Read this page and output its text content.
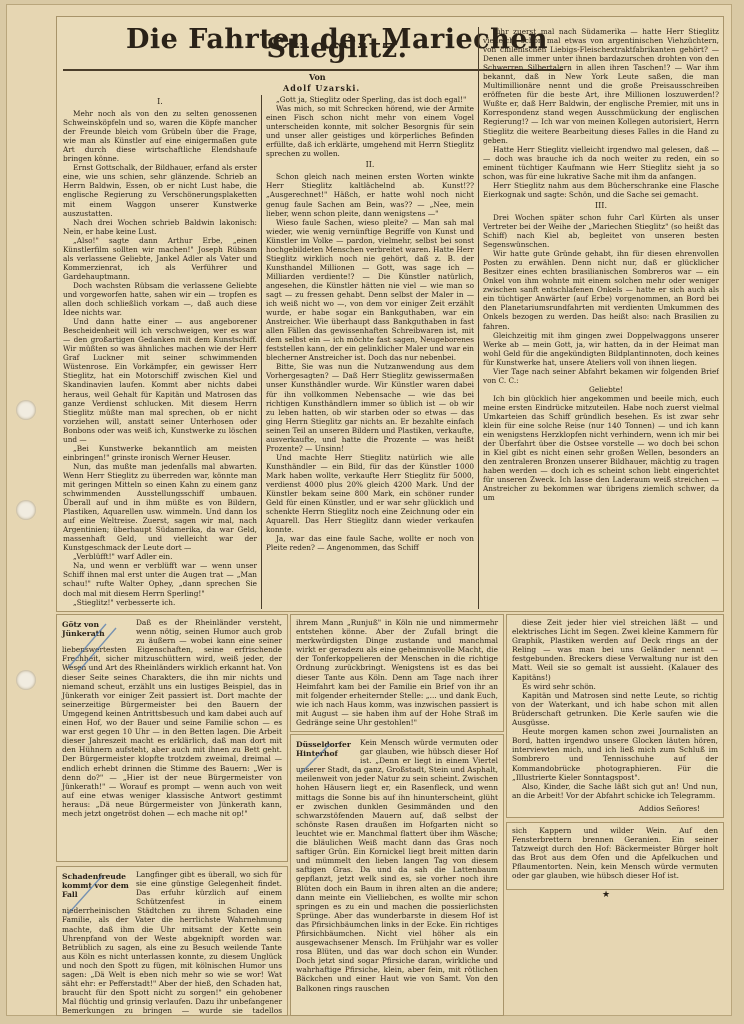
Die Fahrten der Mariechen Stieglitz.
Von
Adolf Uzarski.
I.

Mehr noch als von den zu selten genossenen Schweinsköpfeln und so, waren die Köpfe mancher der Freunde bleich vom Grübeln über die Frage, wie man als Künstler auf eine einigermaßen gute Art durch diese wirtschaftliche Elendshaufe bringen könne.

Ernst Gottschalk, der Bildhauer, erfand als erster eine, wie uns schien, sehr glänzende. Schrieb an Herrn Baldwin, Essen, ob er nicht Lust habe, die englische Regierung zu Verschönerungsplaketten mit einem Waggon unserer Kunstwerke auszustatten.

Nach drei Wochen schrieb Baldwin lakonisch: Nein, er habe keine Lust.

„Also!" sagte dann Arthur Erbe, „einen Künstlerfilm sollten wir machen!" Joseph Rübsam als verlassene Geliebte, Jankel Adler als Vater und Kommerzienrat, ich als Verführer und Gardehauptmann.

Doch wachsten Rübsam die verlassene Geliebte und vorgeworfen hatte, sahen wir ein — tropfen es allen doch schließlich vorkam —, daß auch diese Idee nichts war.

Und dann hatte einer — aus angeborener Bescheidenheit will ich verschweigen, wer es war — den großartigen Gedanken mit dem Kunstschiff. Wir müßten so was ähnliches machen wie der Herr Graf Luckner mit seiner schwimmenden Wüstenrose. Ein Vorkämpfer, ein gewisser Herr Stieglitz, hat ein Motorschiff zwischen Kiel und Skandinavien laufen. Kommt aber nichts dabei heraus, weil Gehalt für Kapitän und Matrosen das ganze Verdienst schlucken. Mit diesem Herrn Stieglitz müßte man mal sprechen, ob er nicht vorziehen will, anstatt seiner Unterhosen oder Bonbons oder was weiß ich, Kunstwerke zu löschen und —

„Bei Kunstwerke bekanntlich am meisten einbringen!" grinste ironisch Werner Heuser.

Nun, das mußte man jedenfalls mal abwarten. Wenn Herr Stieglitz zu überreden war, könnte man mit geringen Mitteln so einen Kahn zu einem ganz schwimmenden Ausstellungsschiff umbauen. Überall auf und in ihm müßte es von Bildern, Plastiken, Aquarellen usw. wimmeln. Und dann los auf eine Weltreise. Zuerst, sagen wir mal, nach Argentinien; überhaupt Südamerika, da war Geld, massenhaft Geld, und vielleicht war der Kunstgeschmack der Leute dort —

„Verblüfft!" warf Adler ein.

Na, und wenn er verblüfft war — wenn unser Schiff ihnen mal erst unter die Augen trat — „Man schau!" rufte Walter Ophey, „dann sprechen Sie doch mal mit diesem Herrn Sperling!"

„Stieglitz!" verbesserte ich.

„Gott ja, Stieglitz oder Sperling, das ist doch egal!"

Was mich, so mit Schrecken hörend, wie der Armite einen Fisch schon nicht mehr von einem Vogel unterscheiden konnte, mit solcher Besorgnis für sein und unser aller geistiges und körperliches Befinden erfüllte, daß ich erklärte, umgehend mit Herrn Stieglitz sprechen zu wollen.

II.

Schon gleich nach meinen ersten Worten winkte Herr Stieglitz kaltlächelnd ab. Kunst!?? „Ausgerechnet!" Häßch, er hatte wohl noch nicht genug faule Sachen am Bein, was?? — „Nee, mein lieber, wenn schon pleite, dann wenigstens —"

Wieso faule Sachen, wieso pleite? — Man sah mal wieder, wie wenig vernünftige Begriffe von Kunst und Künstler im Volke — pardon, vielmehr, selbst bei sonst hochgebildeten Menschen verbreitet waren. Hatte Herr Stieglitz wirklich noch nie gehört, daß z. B. der Kunsthandel Millionen — Gott, was sage ich — Milliarden verdiente!? — Die Künstler natürlich, angesehen, die Künstler hätten nie viel — wie man so sagt — zu fressen gehabt. Denn selbst der Maler in — ich weiß nicht wo —, von dem vor einiger Zeit erzählt wurde, er habe sogar ein Bankguthaben, war ein Anstreicher. Wie überhaupt dass Bankguthaben in fast allen Fällen das gewissenhaften Schreibwaren ist, mit dem selbst ein — ich möchte fast sagen, Neugeborenes feststellen kann, der ein gelinklicher Maler und war ein blecherner Anstreicher ist. Doch das nur nebenbei.

Bitte, Sie was nun die Nutzanwendung aus dem Vorhergesagten? — Daß Herr Stieglitz gewissermaßen unser Kunsthändler wurde. Wir Künstler waren dabei für ihn vollkommen Nebensache — wie das bei richtigen Kunsthändlern immer so üblich ist — ob wir zu leben hatten, ob wir starben oder so etwas — das ging Herrn Stieglitz gar nichts an. Er bezahlte einfach seinen Teil an unseren Bildern und Plastiken, verkaufte, ausverkaufte, und hatte die Prozente — was heißt Prozente? — Unsinn!

Und machte Herr Stieglitz natürlich wie alle Kunsthändler — ein Bild, für das der Künstler 1000 Mark haben wollte, verkaufte Herr Stieglitz für 5000, verdienst 4000 plus 20% gleich 4200 Mark. Und der Künstler bekam seine 800 Mark, ein schöner runder Geld für einen Künstler, und er war sehr glücklich und schenkte Herrn Stieglitz noch eine Zeichnung oder ein Aquarell. Das Herr Stieglitz dann wieder verkaufen konnte.

Ja, war das eine faule Sache, wollte er noch von Pleite reden? — Angenommen, das Schiff

führ zuerst mal nach Südamerika — hatte Herr Stieglitz vielleicht schon mal etwas von argentinischen Viehzüchtern, von chilenischen Liebigs-Fleischextraktfabrikanten gehört? — Denen alle immer unter ihnen bardazurschen drohten von den Schwerren Silbertalern in allen ihren Taschen!? — War ihm bekannt, daß in New York Leute saßen, die man Multimillionäre nennt und die große Preisausschreiben eröffneten für die beste Art, ihre Millionen loszuwerden!? Wußte er, daß Herr Baldwin, der englische Premier, mit uns in Korrespondenz stand wegen Ausschmückung der englischen Regierung!? — Ich war von meinen Kollegen autorisiert, Herrn Stieglitz die weitere Bearbeitung dieses Falles in die Hand zu geben.

Hatte Herr Stieglitz vielleicht irgendwo mal gelesen, daß — — doch was brauche ich da noch weiter zu reden, ein so eminent tüchtiger Kaufmann wie Herr Stieglitz sieht ja so schon, was für eine lukrative Sache mit ihm da anfangen.

Herr Stieglitz nahm aus dem Bücherschranke eine Flasche Eierkognak und sagte: Schön, und die Sache sei gemacht.

III.

Drei Wochen später schon fuhr Carl Kürten als unser Vertreter bei der Weihe der „Mariechen Stieglitz" (so heißt das Schiff) nach Kiel ab, begleitet von unseren besten Segenswünschen.

Wir hatte gute Gründe gehabt, ihn für diesen ehrenvollen Posten zu erwählen. Denn nicht nur, daß er glücklicher Besitzer eines echten brasilianischen Sombreros war — ein Onkel von ihm wohnte mit einem solchen mehr oder weniger zwischen sanft entschlafenen Onkels — hatte er sich auch als ein tüchtiger Anwärter (auf Erbe) vorgenommen, an Bord bei den Planetariumsrundfahrten mit verdienten Umkummen des Onkels bezogen zu werden. Das heißt also: nach Brasilien zu fahren.

Gleichzeitig mit ihm gingen zwei Doppelwaggons unserer Werke ab — mein Gott, ja, wir hatten, da in der Heimat man wohl Geld für die angekündigten Bildplantinnoten, doch keines für Kunstwerke hat, unsere Ateliers voll von ihnen liegen.

Vier Tage nach seiner Abfahrt bekamen wir folgenden Brief von C. C.:

Geliebte!

Ich bin glücklich hier angekommen und beeile mich, euch meine ersten Eindrücke mitzuteilen. Habe noch zuerst vielmal Umkarteien das Schiff gründlich besehen. Es ist zwar sehr klein für eine solche Reise (nur 140 Tonnen) — und ich kann ein wenigstens Herzklopfen nicht verhindern, wenn ich mir bei der Überfahrt über die Ostsee vorstelle — wo doch bei schon in Kiel gibt es nicht einen sehr großen Wellen, besonders an den zentraleren Bronzen unserer Bildhauer, mächtig zu tragen haben werden — doch ich es scheint schon liebt eingerichtet für unseren Zweck. Ich lasse den Laderaum weiß streichen — Anstreicher zu bekommen war übrigens ziemlich schwer, da um

Götz von Jünkerath
Daß es der Rheinländer versteht, wenn nötig, seinen Humor auch grob zu äußern — wobei kann eine seiner liebenswertesten Eigenschaften, seine erfrischende Frechheit, sicher mitzuschüttern wird, weiß jeder, der Wesen und Art des Rheinländers wirklich erkannt hat. Von dieser Seite seines Charakters, die ihn mir nichts und niemand scheut, erzählt uns ein lustiges Beispiel, das in Jünkerath vor einiger Zeit passiert ist. Dort machte der seinerzeitige Bürgermeister bei den Bauern der Umgegend keinen Antrittsbesuch und kam dabei auch auf einen Hof, wo der Bauer und seine Familie schon — es war erst gegen 10 Uhr — in den Betten lagen. Die Arbeit dieser Jahreszeit macht es erklärlich, daß man dort mit den Hühnern aufsteht, aber auch mit ihnen zu Bett geht. Der Bürgermeister klopfte trotzdem zweimal, dreimal — endlich erhebt drinnen die Stimme des Bauern: „Wer is denn do?" — „Hier ist der neue Bürgermeister von Jünkerath!" — Worauf es prompt — wenn auch von weit auf eine etwas weniger klassische Antwort gestimmt heraus: „Dä neue Bürgermeister von Jünkerath kann, mech jetzt ongetröst dohen — ech mache nit op!"
ihrem Mann „Runjuß" in Köln nie und nimmermehr entstehen könne. Aber der Zufall bringt die merkwürdigsten Dinge zustande und manchmal wirkt er geradezu als eine geheimnisvolle Macht, die der Tonferkoppelieren der Menschen in die richtige Ordnung zurückbringt. Wenigstens ist es das bei dieser Tante aus Köln. Denn am Tage nach ihrer Heimfahrt kam bei der Familie ein Brief von ihr an mit folgender erheiternder Stelle: „... und dank Euch, wie ich nach Haus komm, was inzwischen passiert is mit August — sie haben ihm auf der Hohe Straß im Gedränge seine Uhr gestohlen!"
Düsseldorfer Hinterhof
Kein Mensch würde vermuten oder gar glauben, wie hübsch dieser Hof ist. „Denn er liegt in einem Viertel unserer Stadt, da ganz, Großstadt, Stein und Asphalt, meilenweit von jeder Natur zu sein scheint. Zwischen hohen Häusern liegt er, ein Rasenfleck, und wenn mittags die Sonne bis auf ihn hinunterscheint, glüht er zwischen dunklen Gesimmänden und den schwarzstöfenden Mauern auf, daß selbst der schönste Rasen draußen im Hofgarten nicht so leuchtet wie er. Manchmal flattert über ihm Wäsche; die bläulichen Weiß macht dann das Gras noch saftiger Grün. Ein Kornickel liegt breit mitten darin und mümmelt den lieben langen Tag von diesem saftigen Gras. Da und da sah die Lattenbaum gepflanzt, jetzt welk sind es, sie vorher noch ihre Blüten doch ein Baum in ihren alten an die andere; dann meinte ein Vielliebchen, es wollte mir schon springen es zu ein und machen die possierlichsten Sprünge. Aber das wunderbarste in diesem Hof ist das Pfirsichbäumchen links in der Ecke. Ein richtiges Pfirsichbäumchen. Nicht viel höher als ein ausgewachsener Mensch. Im Frühjahr war es voller rosa Blüten, und das war doch schon ein Wunder. Doch jetzt sind sogar Pfirsiche daran, wirkliche und wahrhaftige Pfirsiche, klein, aber fein, mit rötlichen Bäckchen und einer Haut wie von Samt. Von den Balkonen rings rauschen
Schadenfreude kommt vor dem Fall
Langfinger gibt es überall, wo sich für sie eine günstige Gelegenheit findet. Das erfuhr kürzlich auf einem Schützenfest in einem niederrheinischen Städtchen zu ihrem Schaden eine Familie, als der Vater die herrlichste Wahrnehmung machte, daß ihm die Uhr mitsamt der Kette sein Uhrenpfand von der Weste abgeknipft worden war. Betrüblich zu sagen, als eine zu Besuch weilende Tante aus Köln es nicht unterlassen konnte, zu diesem Unglück und noch den Spott zu fügen, mit kölnischen Humor uns sagen: „Dä Welt is eben nich mehr so wie se wor! Wat säht ehr: er Pefferstadt!" Aber der hieß, den Schaden hat, braucht für den Spott nicht zu sorgen!" ein gehobener Mal flüchtig und grinsig verlaufen. Dazu ihr unbefangener Bemerkungen zu bringen — wurde sie tadellos

diese Zeit jeder hier viel streichen läßt — und elektrisches Licht im Segen. Zwei kleine Kammern für Graphik, Plastiken werden auf Deck rings an der Reling — was man bei uns Geländer nennt — festgebunden. Breckers diese Verwaltung nur ist den Matt. Weil sie so gemalt ist aussieht. (Kalauer des Kapitäns!)

Es wird sehr schön.

Kapitän und Matrosen sind nette Leute, so richtig von der Waterkant, und ich habe schon mit allen Brüderschaft getrunken. Die Kerle saufen wie die Ausgüsse.

Heute morgen kamen schon zwei Journalisten an Bord, hatten irgendwo unsere Glocken läuten hören, interviewten mich, und ich ließ mich zum Schluß im Sombrero und Tennisschuhe auf der Kommandobrücke photographieren. Für die „Illustrierte Kieler Sonntagspost".

Also, Kinder, die Sache läßt sich gut an! Und nun, an die Arbeit! Vor der Abfahrt schicke ich Telegramm.

Addios Señores!
sich Kappern und wilder Wein. Auf den Fensterbrettern brennen Geranien. Ein seiner Tatzweigt durch den Hof: Bäckermeister Bürger holt das Brot aus dem Ofen und die Apfelkuchen und Pflaumentorten. Nein, kein Mensch würde vermuten oder gar glauben, wie hübsch dieser Hof ist.
★
